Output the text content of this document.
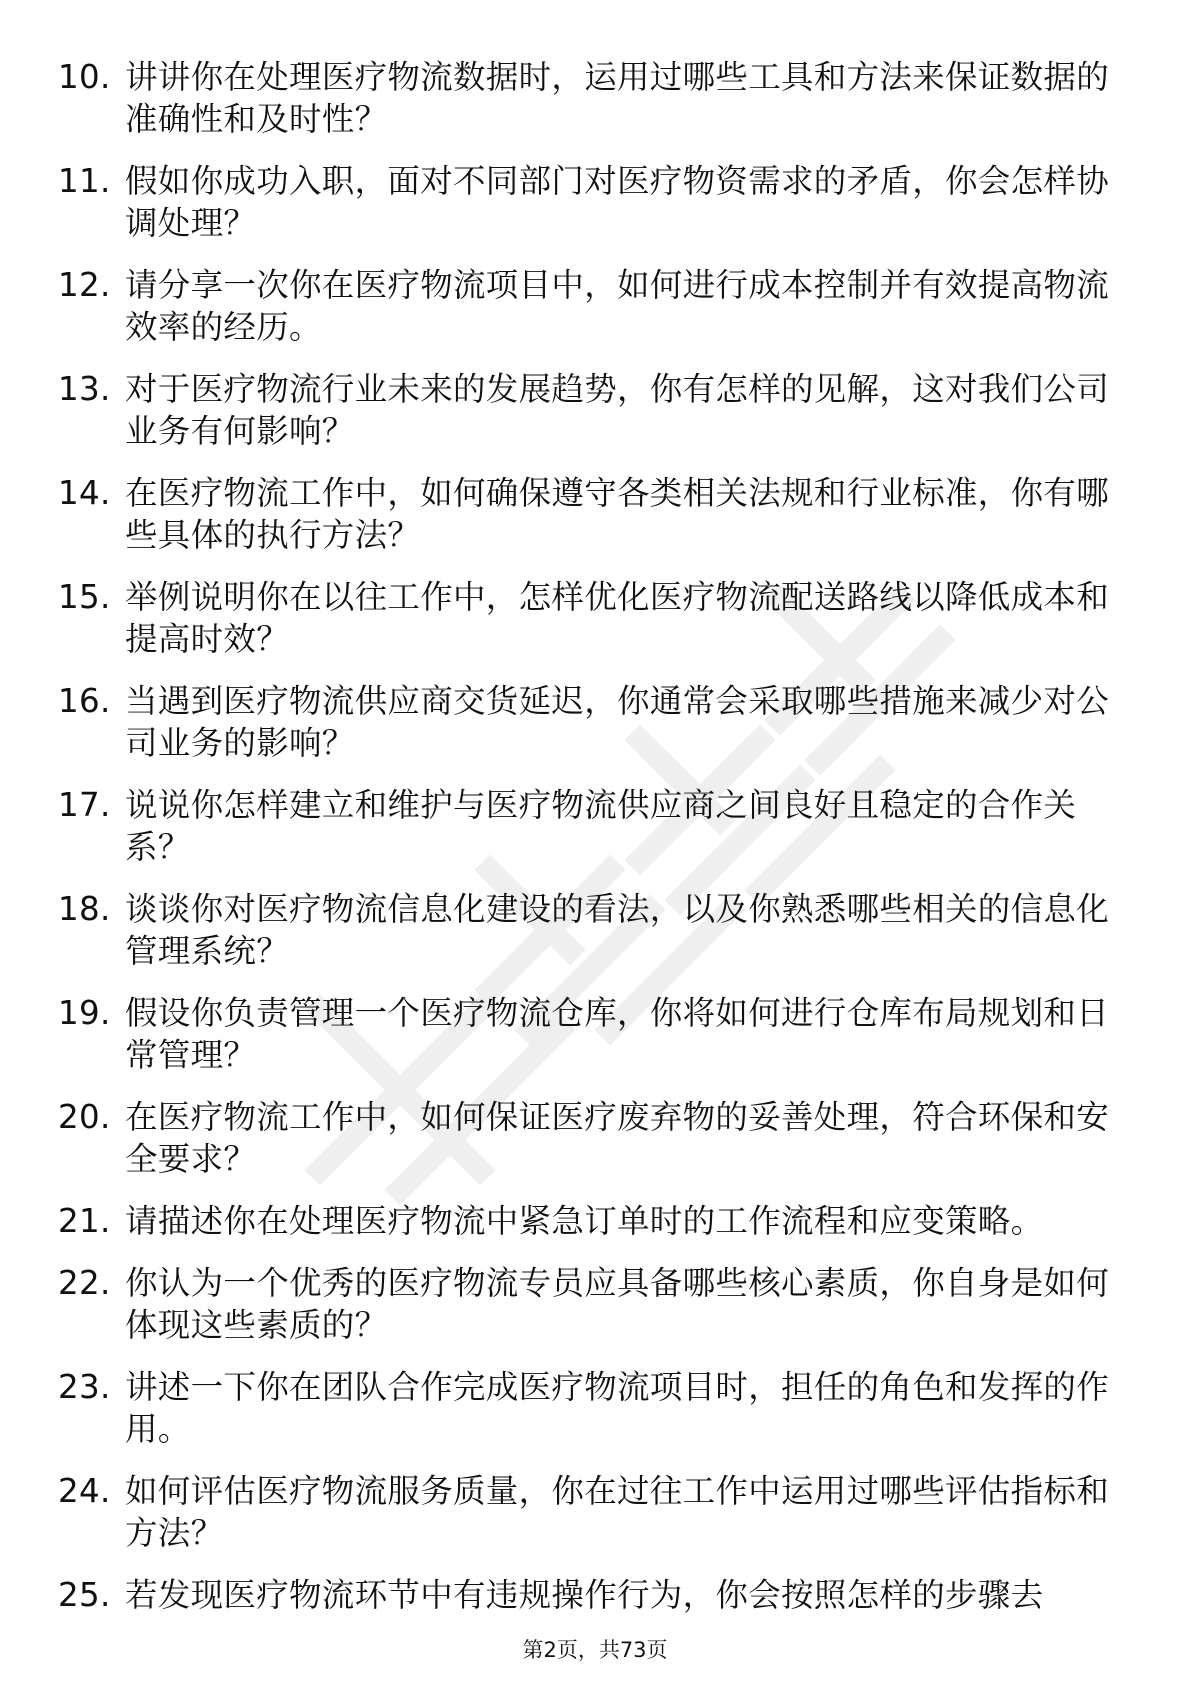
10. 讲讲你在处理医疗物流数据时，运用过哪些工具和方法来保证数据的准确性和及时性？
11. 假如你成功入职，面对不同部门对医疗物资需求的矛盾，你会怎样协调处理？
12. 请分享一次你在医疗物流项目中，如何进行成本控制并有效提高物流效率的经历。
13. 对于医疗物流行业未来的发展趋势，你有怎样的见解，这对我们公司业务有何影响？
14. 在医疗物流工作中，如何确保遵守各类相关法规和行业标准，你有哪些具体的执行方法？
15. 举例说明你在以往工作中，怎样优化医疗物流配送路线以降低成本和提高时效？
16. 当遇到医疗物流供应商交货延迟，你通常会采取哪些措施来减少对公司业务的影响？
17. 说说你怎样建立和维护与医疗物流供应商之间良好且稳定的合作关系？
18. 谈谈你对医疗物流信息化建设的看法，以及你熟悉哪些相关的信息化管理系统？
19. 假设你负责管理一个医疗物流仓库，你将如何进行仓库布局规划和日常管理？
20. 在医疗物流工作中，如何保证医疗废弃物的妥善处理，符合环保和安全要求？
21. 请描述你在处理医疗物流中紧急订单时的工作流程和应变策略。
22. 你认为一个优秀的医疗物流专员应具备哪些核心素质，你自身是如何体现这些素质的？
23. 讲述一下你在团队合作完成医疗物流项目时，担任的角色和发挥的作用。
24. 如何评估医疗物流服务质量，你在过往工作中运用过哪些评估指标和方法？
25. 若发现医疗物流环节中有违规操作行为，你会按照怎样的步骤去
第2页，共73页
